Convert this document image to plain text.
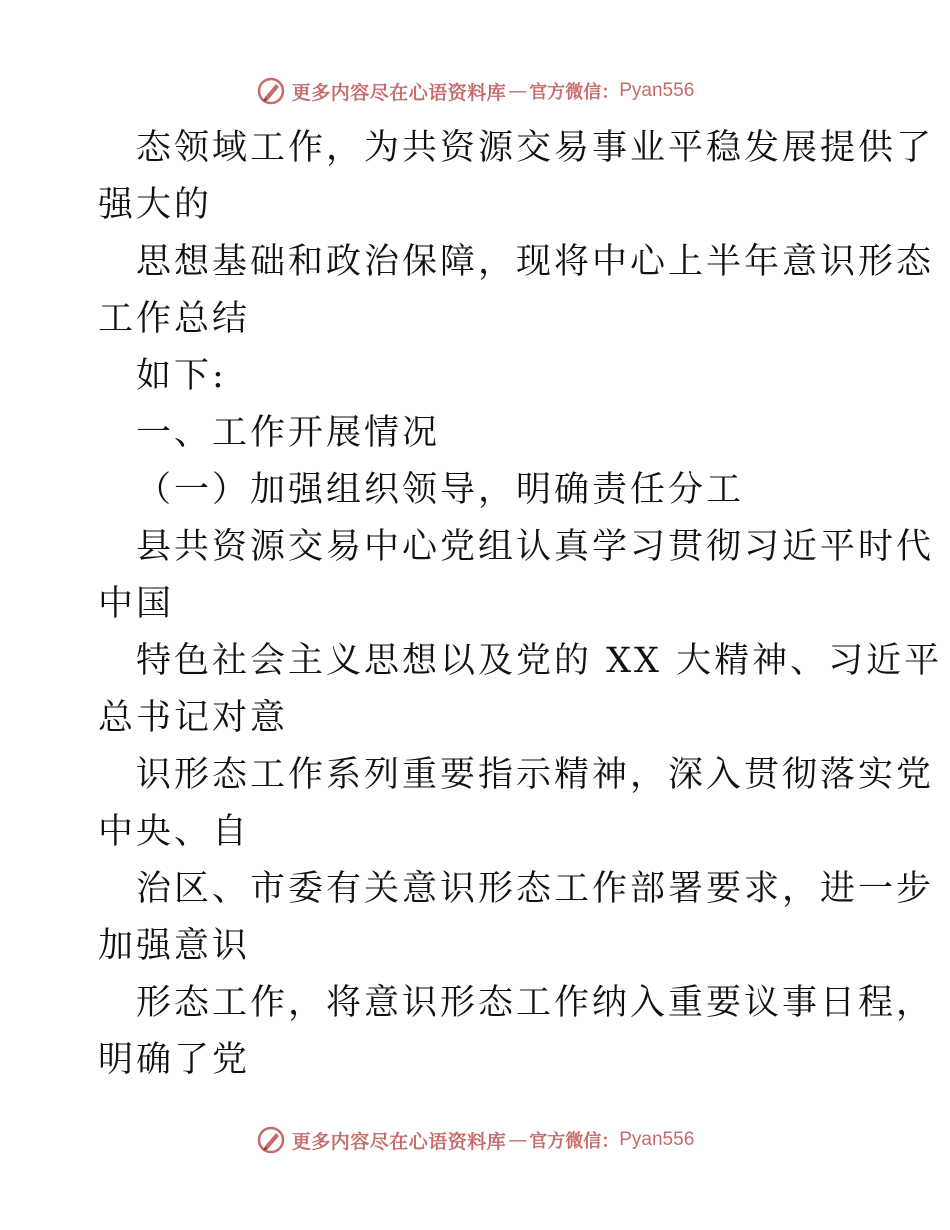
更多内容尽在心语资料库 — 官方微信： Pyan556
态领域工作，为共资源交易事业平稳发展提供了
强大的
思想基础和政治保障，现将中心上半年意识形态
工作总结
如下:
一、工作开展情况
（一）加强组织领导，明确责任分工
县共资源交易中心党组认真学习贯彻习近平时代
中国
特色社会主义思想以及党的 XX 大精神、习近平
总书记对意
识形态工作系列重要指示精神，深入贯彻落实党
中央、自
治区、市委有关意识形态工作部署要求，进一步
加强意识
形态工作，将意识形态工作纳入重要议事日程，
明确了党
更多内容尽在心语资料库 — 官方微信： Pyan556
